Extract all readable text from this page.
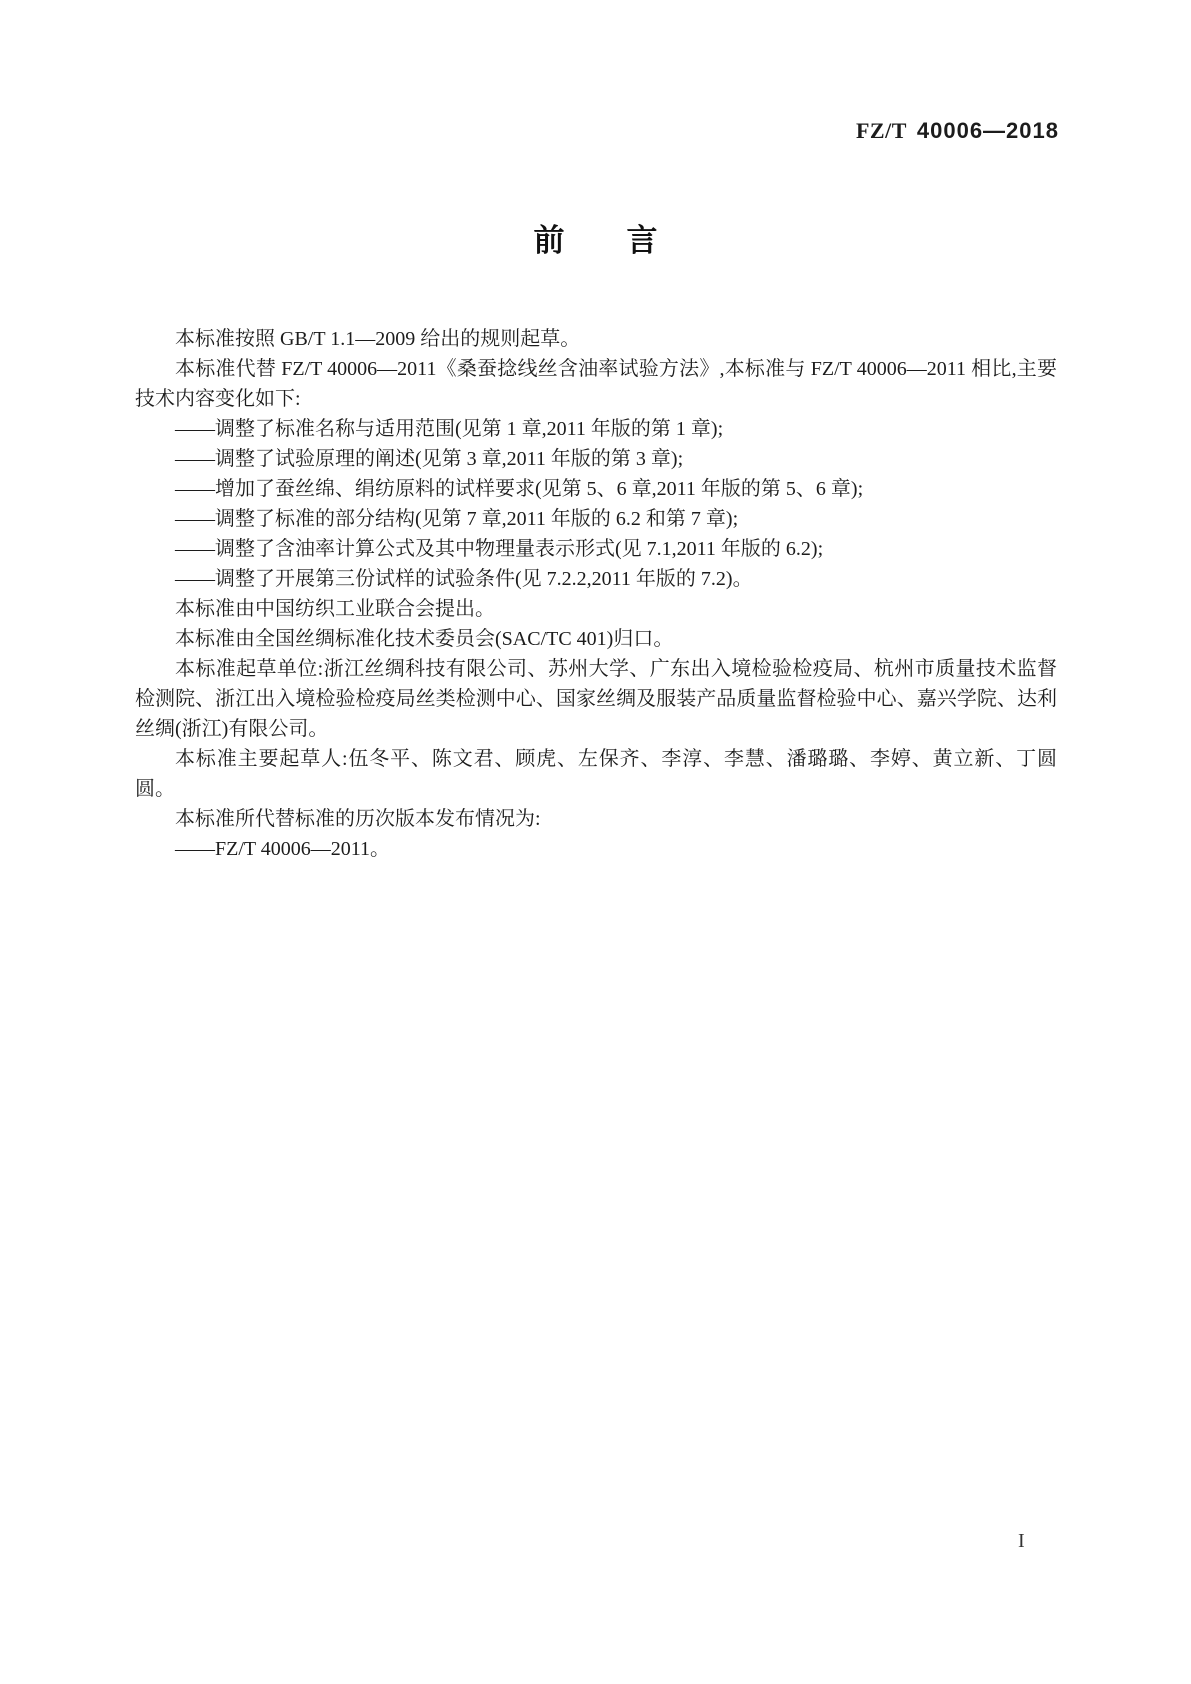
FZ/T 40006—2018
前　　言

本标准按照 GB/T 1.1—2009 给出的规则起草。

本标准代替 FZ/T 40006—2011《桑蚕捻线丝含油率试验方法》,本标准与 FZ/T 40006—2011 相比,主要技术内容变化如下:

——调整了标准名称与适用范围(见第 1 章,2011 年版的第 1 章);

——调整了试验原理的阐述(见第 3 章,2011 年版的第 3 章);

——增加了蚕丝绵、绢纺原料的试样要求(见第 5、6 章,2011 年版的第 5、6 章);

——调整了标准的部分结构(见第 7 章,2011 年版的 6.2 和第 7 章);

——调整了含油率计算公式及其中物理量表示形式(见 7.1,2011 年版的 6.2);

——调整了开展第三份试样的试验条件(见 7.2.2,2011 年版的 7.2)。

本标准由中国纺织工业联合会提出。

本标准由全国丝绸标准化技术委员会(SAC/TC 401)归口。

本标准起草单位:浙江丝绸科技有限公司、苏州大学、广东出入境检验检疫局、杭州市质量技术监督检测院、浙江出入境检验检疫局丝类检测中心、国家丝绸及服装产品质量监督检验中心、嘉兴学院、达利丝绸(浙江)有限公司。

本标准主要起草人:伍冬平、陈文君、顾虎、左保齐、李淳、李慧、潘璐璐、李婷、黄立新、丁圆圆。

本标准所代替标准的历次版本发布情况为:

——FZ/T 40006—2011。

I
